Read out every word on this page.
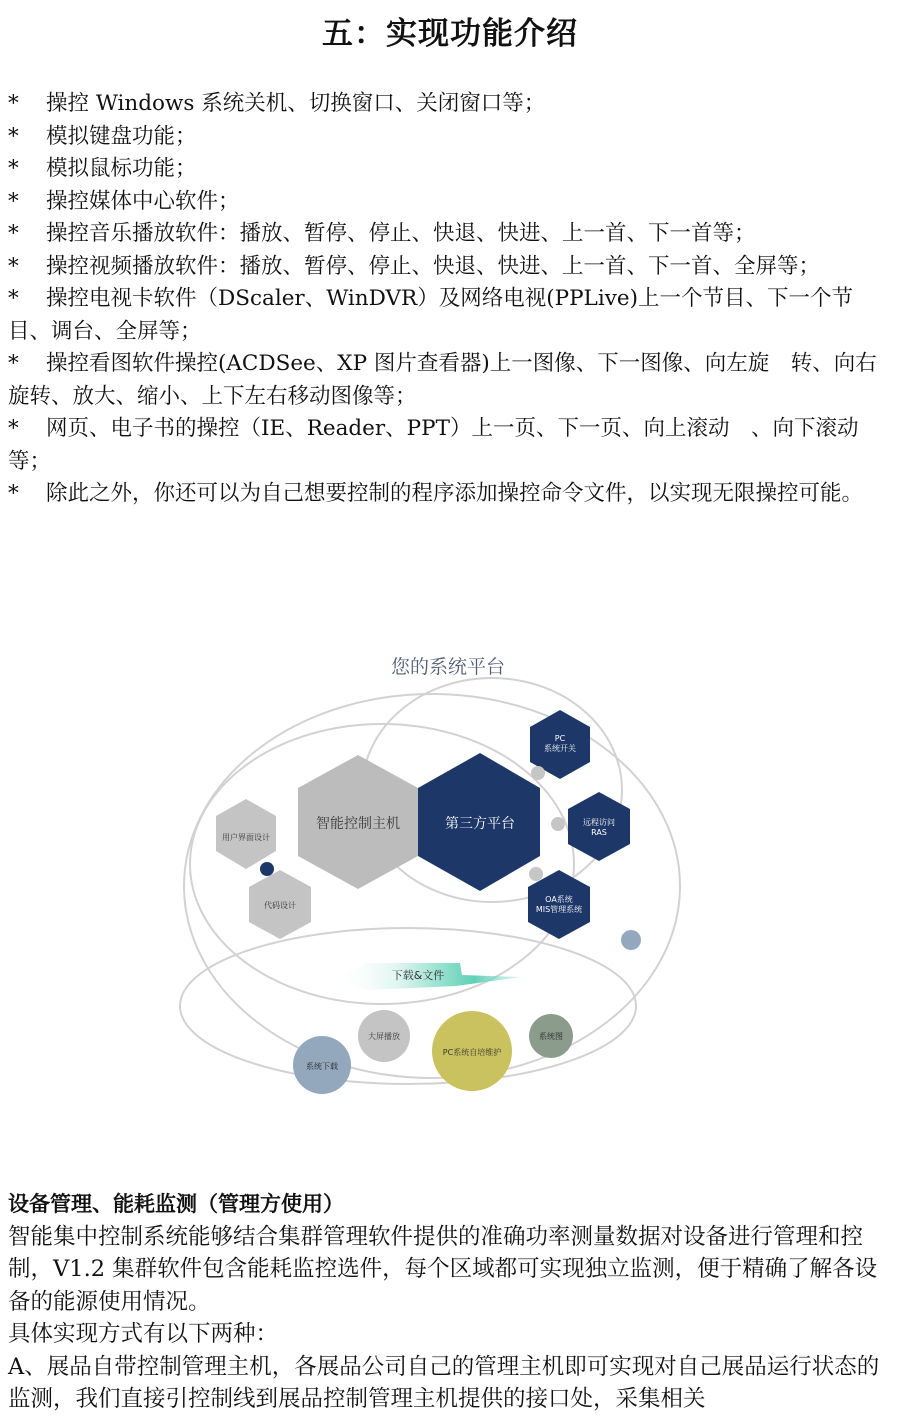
五：实现功能介绍

* 操控 Windows 系统关机、切换窗口、关闭窗口等；

* 模拟键盘功能；

* 模拟鼠标功能；

* 操控媒体中心软件；

* 操控音乐播放软件：播放、暂停、停止、快退、快进、上一首、下一首等；

* 操控视频播放软件：播放、暂停、停止、快退、快进、上一首、下一首、全屏等；

* 操控电视卡软件（DScaler、WinDVR）及网络电视(PPLive)上一个节目、下一个节目、调台、全屏等；

* 操控看图软件操控(ACDSee、XP 图片查看器)上一图像、下一图像、向左旋　转、向右旋转、放大、缩小、上下左右移动图像等；

* 网页、电子书的操控（IE、Reader、PPT）上一页、下一页、向上滚动　、向下滚动等；

* 除此之外，你还可以为自己想要控制的程序添加操控命令文件，以实现无限操控可能。

您的系统平台
智能控制主机	第三方平台
用户界面设计
代码设计
PC
系统开关
远程访问
RAS
OA系统
MIS管理系统
下载&文件
大屏播放
PC系统自培维护
系统图
系统下载

设备管理、能耗监测（管理方使用）

智能集中控制系统能够结合集群管理软件提供的准确功率测量数据对设备进行管理和控制，V1.2 集群软件包含能耗监控选件，每个区域都可实现独立监测，便于精确了解各设备的能源使用情况。

具体实现方式有以下两种：

A、展品自带控制管理主机，各展品公司自己的管理主机即可实现对自己展品运行状态的监测，我们直接引控制线到展品控制管理主机提供的接口处，采集相关
